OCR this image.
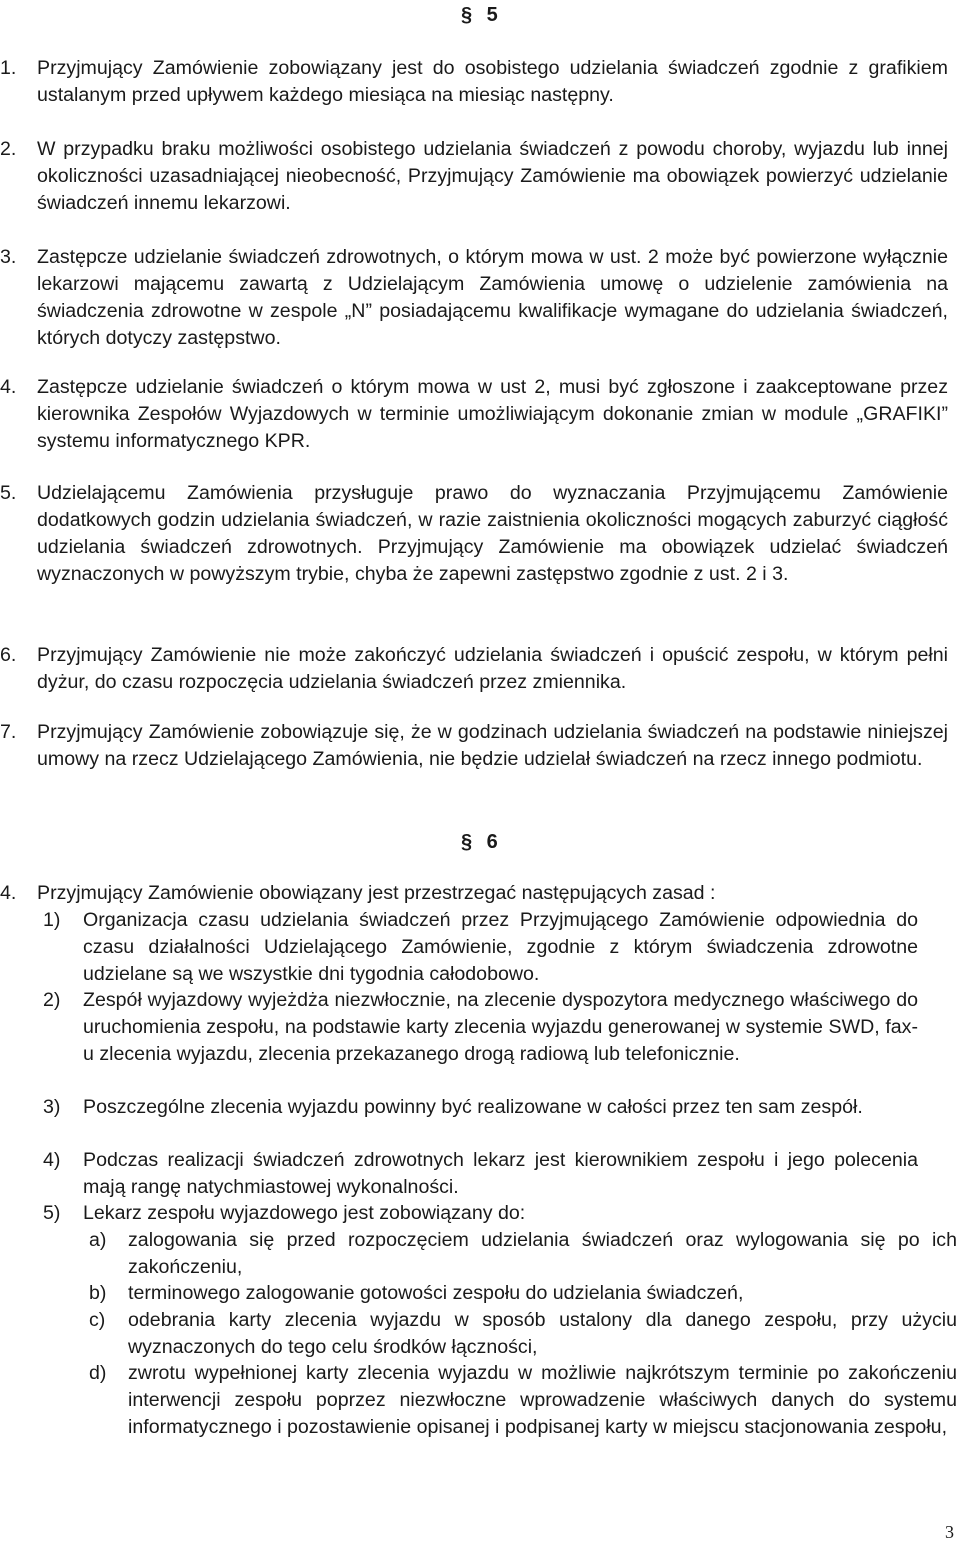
§ 5
1.	Przyjmujący Zamówienie zobowiązany jest do osobistego udzielania świadczeń zgodnie z grafikiem ustalanym przed upływem każdego miesiąca na miesiąc następny.
2.	W przypadku braku możliwości osobistego udzielania świadczeń z powodu choroby, wyjazdu lub innej okoliczności uzasadniającej nieobecność, Przyjmujący Zamówienie ma obowiązek powierzyć udzielanie świadczeń innemu lekarzowi.
3.	Zastępcze udzielanie świadczeń zdrowotnych, o którym mowa w ust. 2 może być powierzone wyłącznie lekarzowi mającemu zawartą z Udzielającym Zamówienia umowę o udzielenie zamówienia na świadczenia zdrowotne w zespole „N” posiadającemu kwalifikacje wymagane do udzielania świadczeń, których dotyczy zastępstwo.
4.	Zastępcze udzielanie świadczeń o którym mowa w ust 2, musi być zgłoszone i zaakceptowane przez kierownika Zespołów Wyjazdowych w terminie umożliwiającym dokonanie zmian w module „GRAFIKI” systemu informatycznego KPR.
5.	Udzielającemu Zamówienia przysługuje prawo do wyznaczania Przyjmującemu Zamówienie dodatkowych godzin udzielania świadczeń, w razie zaistnienia okoliczności mogących zaburzyć ciągłość udzielania świadczeń zdrowotnych. Przyjmujący Zamówienie ma obowiązek udzielać świadczeń wyznaczonych w powyższym trybie, chyba że zapewni zastępstwo zgodnie z ust. 2 i 3.
6.	Przyjmujący Zamówienie nie może zakończyć udzielania świadczeń i opuścić zespołu, w którym pełni dyżur, do czasu rozpoczęcia udzielania świadczeń przez zmiennika.
7.	Przyjmujący Zamówienie zobowiązuje się, że w godzinach udzielania świadczeń na podstawie niniejszej umowy na rzecz Udzielającego Zamówienia, nie będzie udzielał świadczeń na rzecz innego podmiotu.
§ 6
4.	Przyjmujący Zamówienie obowiązany jest przestrzegać następujących zasad :
1) Organizacja czasu udzielania świadczeń przez Przyjmującego Zamówienie odpowiednia do czasu działalności Udzielającego Zamówienie, zgodnie z którym świadczenia zdrowotne udzielane są we wszystkie dni tygodnia całodobowo.
2) Zespół wyjazdowy wyjeżdża niezwłocznie, na zlecenie dyspozytora medycznego właściwego do uruchomienia zespołu, na podstawie karty zlecenia wyjazdu generowanej w systemie SWD, fax-u zlecenia wyjazdu, zlecenia przekazanego drogą radiową lub telefonicznie.
3) Poszczególne zlecenia wyjazdu powinny być realizowane w całości przez ten sam zespół.
4) Podczas realizacji świadczeń zdrowotnych lekarz jest kierownikiem zespołu i jego polecenia mają rangę natychmiastowej wykonalności.
5) Lekarz zespołu wyjazdowego jest zobowiązany do:
a) zalogowania się przed rozpoczęciem udzielania świadczeń oraz wylogowania się po ich zakończeniu,
b) terminowego zalogowanie gotowości zespołu do udzielania świadczeń,
c) odebrania karty zlecenia wyjazdu w sposób ustalony dla danego zespołu, przy użyciu wyznaczonych do tego celu środków łączności,
d) zwrotu wypełnionej karty zlecenia wyjazdu w możliwie najkrótszym terminie po zakończeniu interwencji zespołu poprzez niezwłoczne wprowadzenie właściwych danych do systemu informatycznego i pozostawienie opisanej i podpisanej karty w miejscu stacjonowania zespołu,
3
